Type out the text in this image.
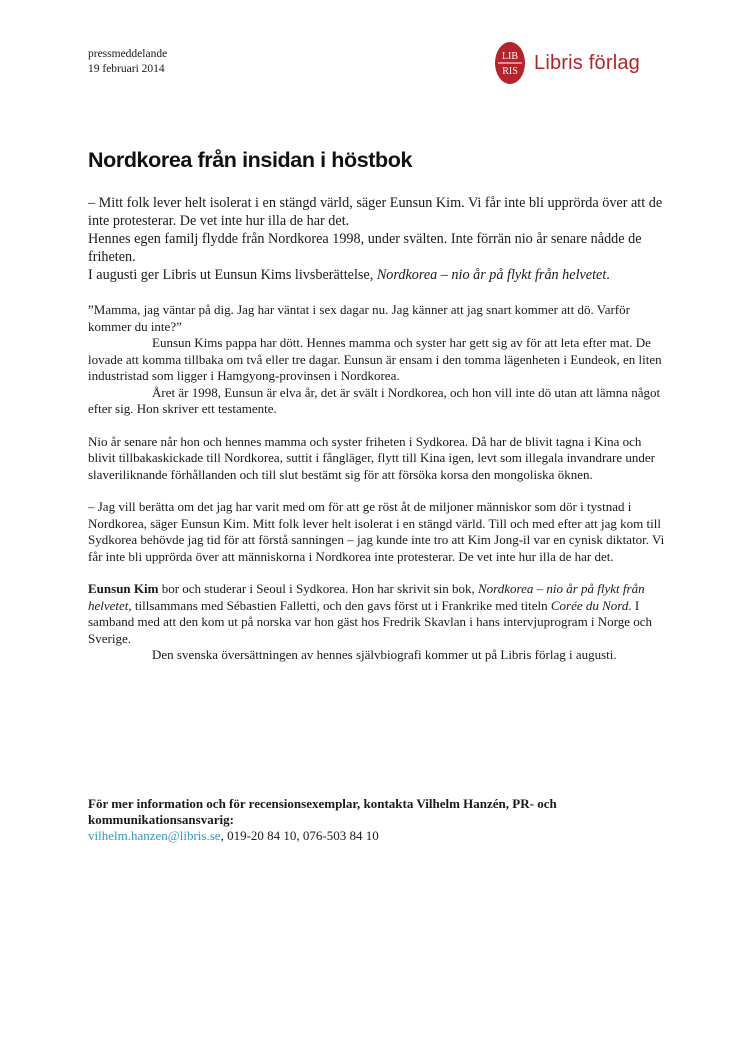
pressmeddelande
19 februari 2014
LIB
RIS Libris förlag
Nordkorea från insidan i höstbok

– Mitt folk lever helt isolerat i en stängd värld, säger Eunsun Kim. Vi får inte bli upprörda över att de inte protesterar. De vet inte hur illa de har det.

Hennes egen familj flydde från Nordkorea 1998, under svälten. Inte förrän nio år senare nådde de friheten.

I augusti ger Libris ut Eunsun Kims livsberättelse, Nordkorea – nio år på flykt från helvetet.

”Mamma, jag väntar på dig. Jag har väntat i sex dagar nu. Jag känner att jag snart kommer att dö. Varför kommer du inte?”

Eunsun Kims pappa har dött. Hennes mamma och syster har gett sig av för att leta efter mat. De lovade att komma tillbaka om två eller tre dagar. Eunsun är ensam i den tomma lägenheten i Eundeok, en liten industristad som ligger i Hamgyong-provinsen i Nordkorea.

Året är 1998, Eunsun är elva år, det är svält i Nordkorea, och hon vill inte dö utan att lämna något efter sig. Hon skriver ett testamente.

Nio år senare når hon och hennes mamma och syster friheten i Sydkorea. Då har de blivit tagna i Kina och blivit tillbakaskickade till Nordkorea, suttit i fångläger, flytt till Kina igen, levt som illegala invandrare under slaveriliknande förhållanden och till slut bestämt sig för att försöka korsa den mongoliska öknen.

– Jag vill berätta om det jag har varit med om för att ge röst åt de miljoner människor som dör i tystnad i Nordkorea, säger Eunsun Kim. Mitt folk lever helt isolerat i en stängd värld. Till och med efter att jag kom till Sydkorea behövde jag tid för att förstå sanningen – jag kunde inte tro att Kim Jong-il var en cynisk diktator. Vi får inte bli upprörda över att människorna i Nordkorea inte protesterar. De vet inte hur illa de har det.

Eunsun Kim bor och studerar i Seoul i Sydkorea. Hon har skrivit sin bok, Nordkorea – nio år på flykt från helvetet, tillsammans med Sébastien Falletti, och den gavs först ut i Frankrike med titeln Corée du Nord. I samband med att den kom ut på norska var hon gäst hos Fredrik Skavlan i hans intervjuprogram i Norge och Sverige.

Den svenska översättningen av hennes självbiografi kommer ut på Libris förlag i augusti.

För mer information och för recensionsexemplar, kontakta Vilhelm Hanzén, PR- och kommunikationsansvarig:

vilhelm.hanzen@libris.se, 019-20 84 10, 076-503 84 10
